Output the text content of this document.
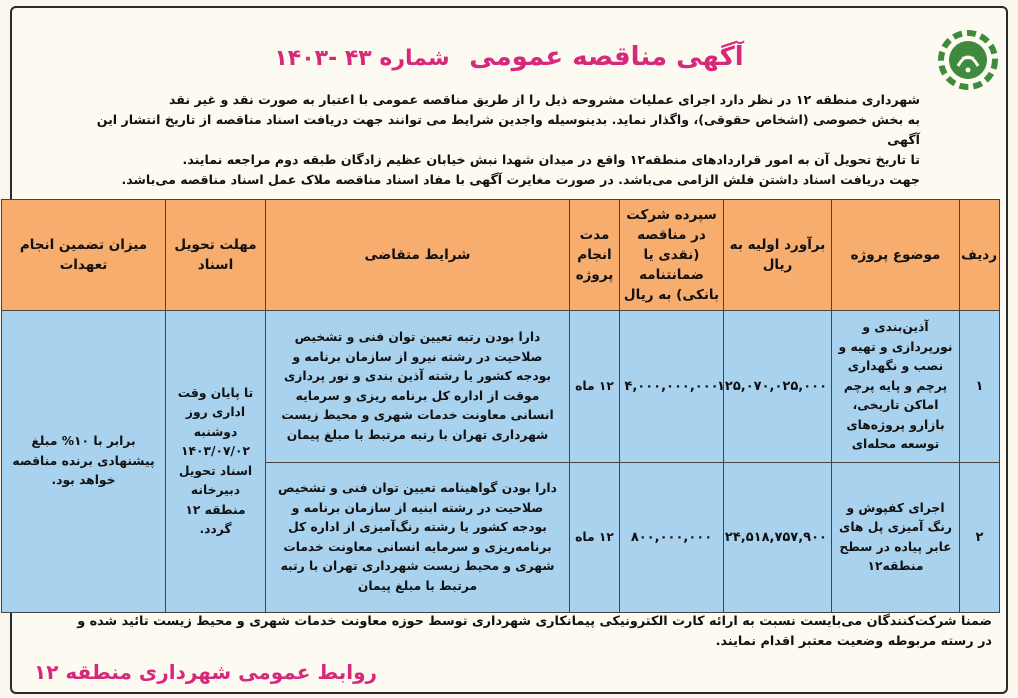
آگهی مناقصه عمومی شماره ۴۳ -۱۴۰۳
شهرداری منطقه ۱۲ در نظر دارد اجرای عملیات مشروحه ذیل را از طریق مناقصه عمومی با اعتبار به صورت نقد و غیر نقد
به بخش خصوصی (اشخاص حقوقی)، واگذار نماید. بدینوسیله واجدین شرایط می توانند جهت دریافت اسناد مناقصه از تاریخ انتشار این آگهی
تا تاریخ تحویل آن به امور قراردادهای منطقه۱۲ واقع در میدان شهدا نبش خیابان عظیم زادگان طبقه دوم مراجعه نمایند.
جهت دریافت اسناد داشتن فلش الزامی می‌باشد. در صورت مغایرت آگهی با مفاد اسناد مناقصه ملاک عمل اسناد مناقصه می‌باشد.
ردیف	موضوع پروژه	برآورد اولیه به ریال	سپرده شرکت در مناقصه (نقدی یا ضمانتنامه بانکی) به ریال	مدت انجام پروژه	شرایط متقاضی	مهلت تحویل اسناد	میزان تضمین انجام تعهدات
۱	آذین‌بندی و نورپردازی و تهیه و نصب و نگهداری پرچم و پایه پرچم اماکن تاریخی، بازارو پروژه‌های توسعه محله‌ای	۱۲۵,۰۷۰,۰۲۵,۰۰۰	۴,۰۰۰,۰۰۰,۰۰۰	۱۲ ماه	دارا بودن رتبه تعیین توان فنی و تشخیص صلاحیت در رشته نیرو از سازمان برنامه و بودجه کشور یا رشته آذین بندی و نور پردازی موقت از اداره کل برنامه ریزی و سرمایه انسانی معاونت خدمات شهری و محیط زیست شهرداری تهران با رتبه مرتبط با مبلغ پیمان	تا پایان وقت اداری روز دوشنبه ۱۴۰۳/۰۷/۰۲ اسناد تحویل دبیرخانه منطقه ۱۲ گردد.	برابر با ۱۰% مبلغ پیشنهادی برنده مناقصه خواهد بود.
۲	اجرای کفپوش و رنگ آمیزی پل های عابر پیاده در سطح منطقه۱۲	۲۴,۵۱۸,۷۵۷,۹۰۰	۸۰۰,۰۰۰,۰۰۰	۱۲ ماه	دارا بودن گواهینامه تعیین توان فنی و تشخیص صلاحیت در رشته ابنیه از سازمان برنامه و بودجه کشور یا رشته رنگ‌آمیزی از اداره کل برنامه‌ریزی و سرمایه انسانی معاونت خدمات شهری و محیط زیست شهرداری تهران با رتبه مرتبط با مبلغ پیمان		
ضمنا شرکت‌کنندگان می‌بایست نسبت به ارائه کارت الکترونیکی پیمانکاری شهرداری توسط حوزه معاونت خدمات شهری و محیط زیست تائید شده و
در رسته مربوطه وضعیت معتبر اقدام نمایند.
روابط عمومی شهرداری منطقه ۱۲
